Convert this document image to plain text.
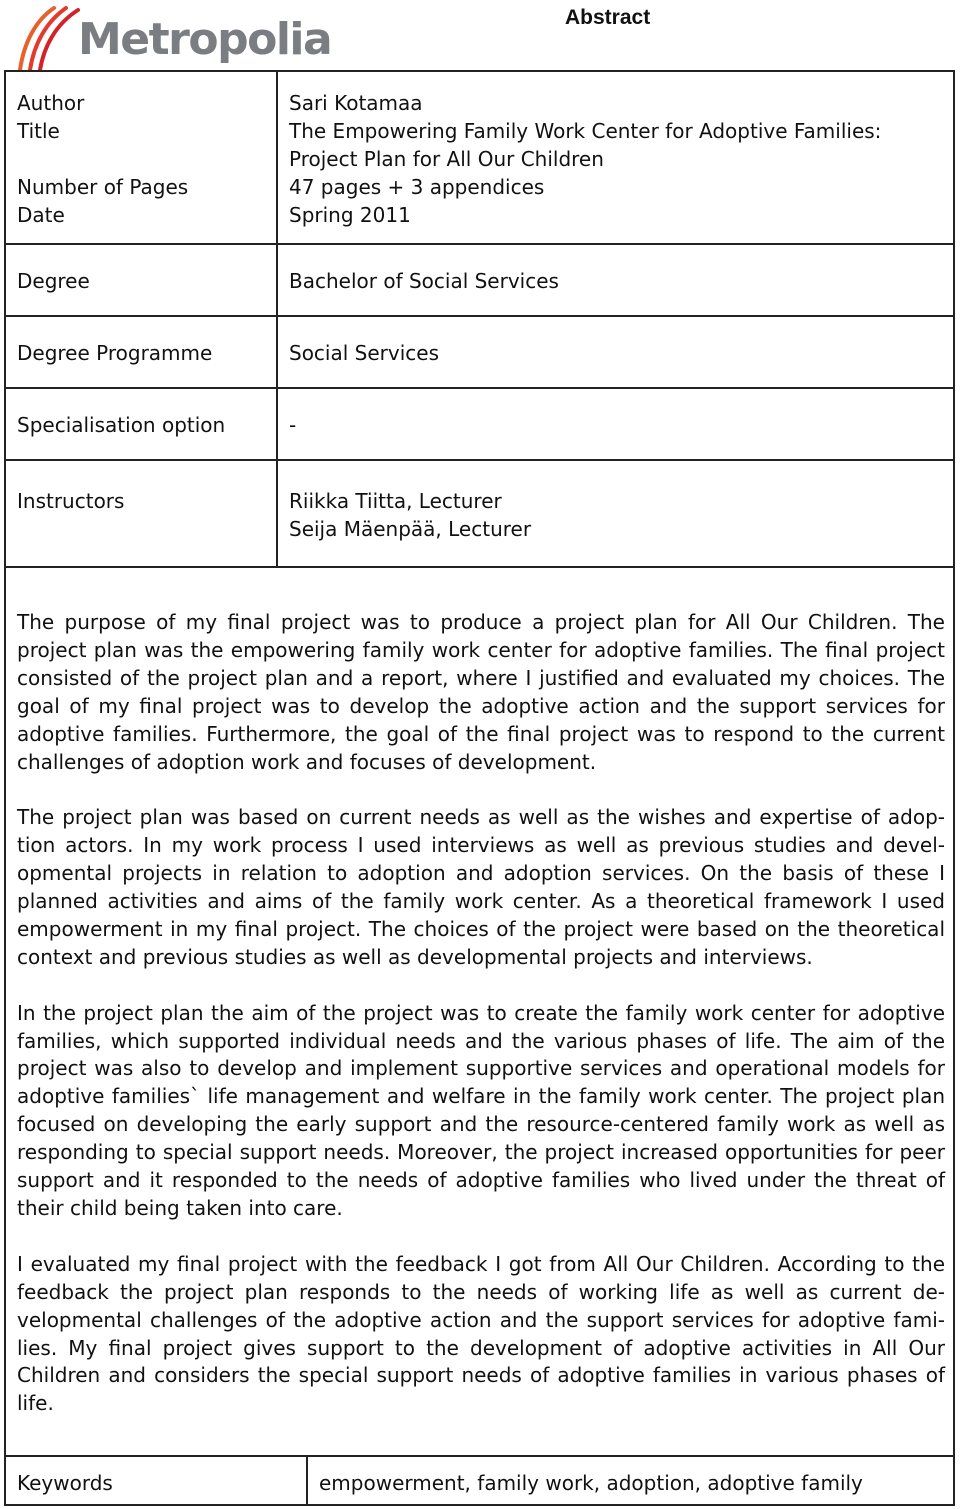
Metropolia	Abstract
Author	Sari Kotamaa
Title	The Empowering Family Work Center for Adoptive Families:
Project Plan for All Our Children
Number of Pages	47 pages + 3 appendices
Date	Spring 2011
Degree	Bachelor of Social Services
Degree Programme	Social Services
Specialisation option	-
Instructors	Riikka Tiitta, Lecturer
Seija Mäenpää, Lecturer

The purpose of my final project was to produce a project plan for All Our Children. The project plan was the empowering family work center for adoptive families. The final project consisted of the project plan and a report, where I justified and evaluated my choices. The goal of my final project was to develop the adoptive action and the support services for adoptive families. Furthermore, the goal of the final project was to respond to the current challenges of adoption work and focuses of development.

The project plan was based on current needs as well as the wishes and expertise of adoption actors. In my work process I used interviews as well as previous studies and developmental projects in relation to adoption and adoption services. On the basis of these I planned activities and aims of the family work center. As a theoretical framework I used empowerment in my final project. The choices of the project were based on the theoretical context and previous studies as well as developmental projects and interviews.

In the project plan the aim of the project was to create the family work center for adoptive families, which supported individual needs and the various phases of life. The aim of the project was also to develop and implement supportive services and operational models for adoptive families` life management and welfare in the family work center. The project plan focused on developing the early support and the resource-centered family work as well as responding to special support needs. Moreover, the project increased opportunities for peer support and it responded to the needs of adoptive families who lived under the threat of their child being taken into care.

I evaluated my final project with the feedback I got from All Our Children. According to the feedback the project plan responds to the needs of working life as well as current developmental challenges of the adoptive action and the support services for adoptive families. My final project gives support to the development of adoptive activities in All Our Children and considers the special support needs of adoptive families in various phases of life.

Keywords	empowerment, family work, adoption, adoptive family
